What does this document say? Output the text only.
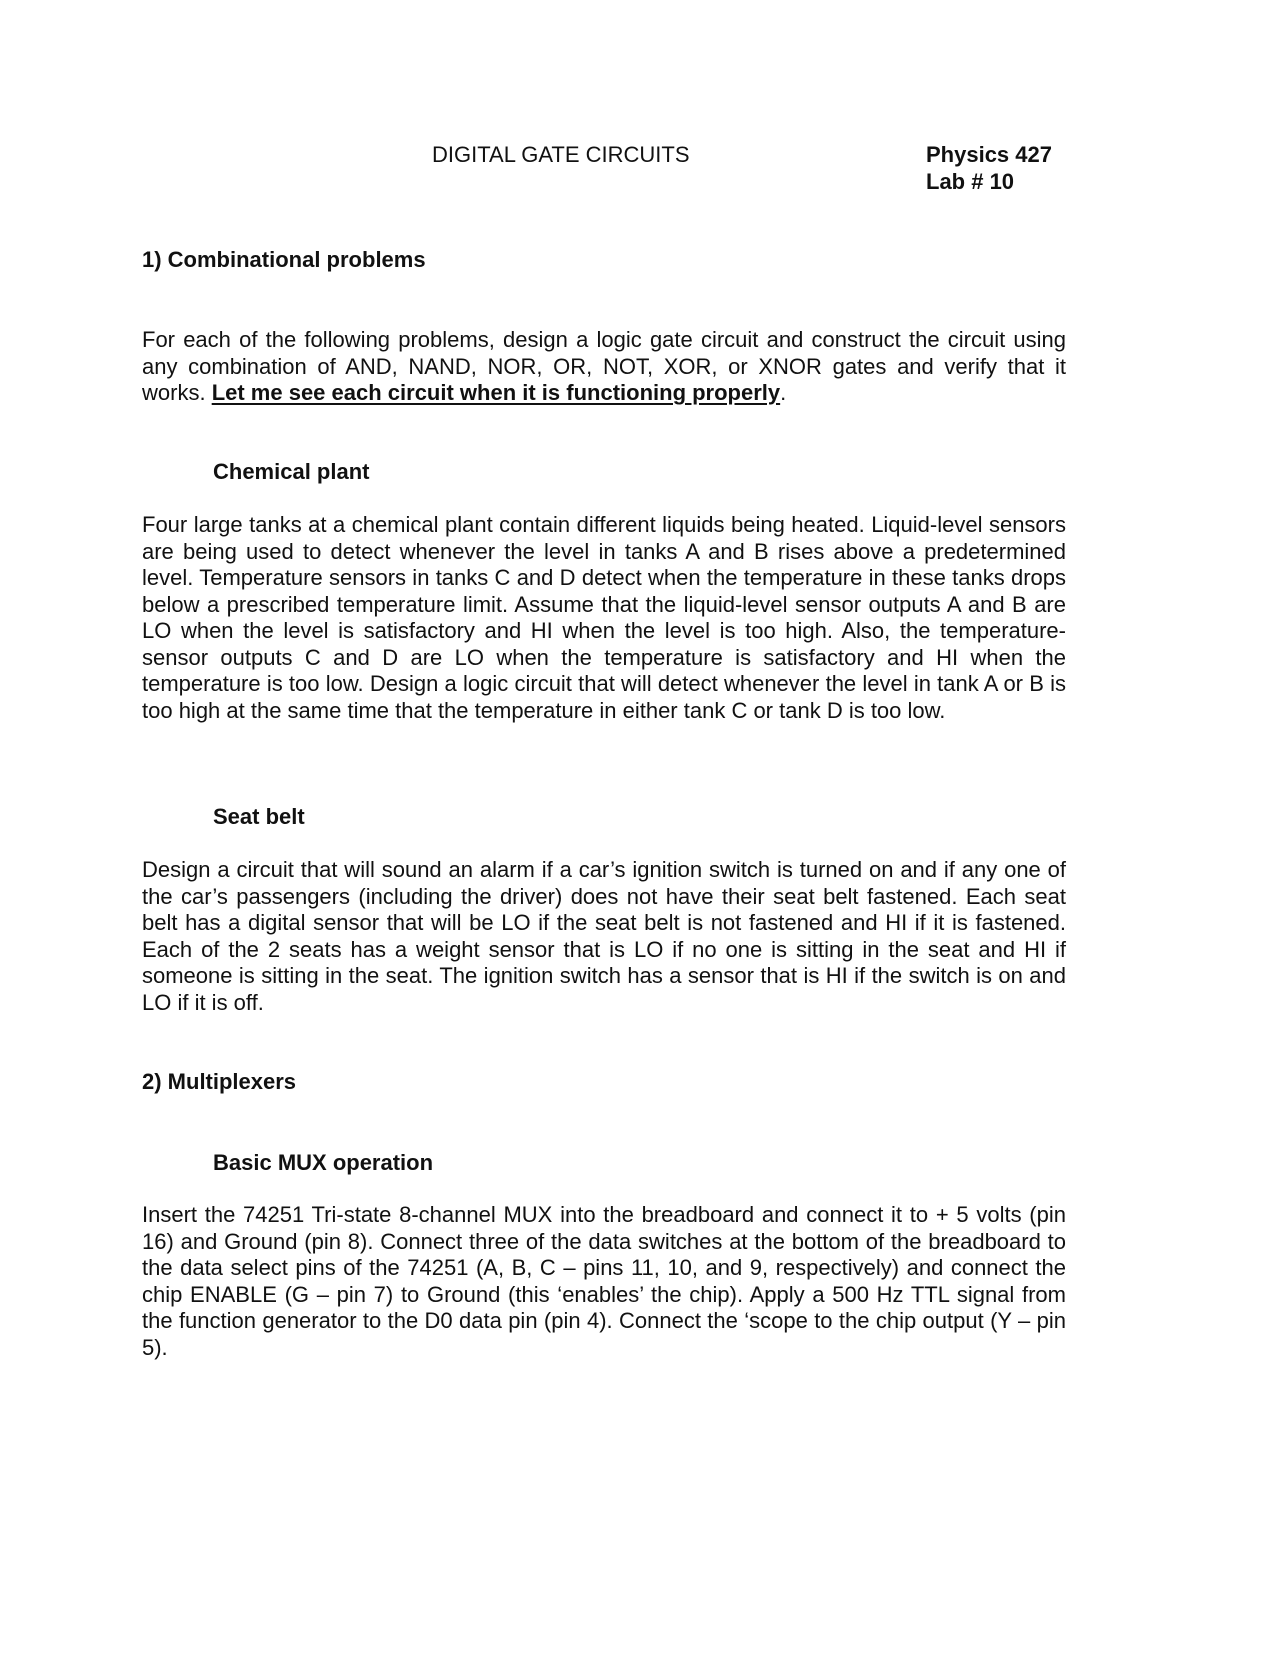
DIGITAL GATE CIRCUITS	Physics 427
Lab # 10
1) Combinational problems
For each of the following problems, design a logic gate circuit and construct the circuit using any combination of AND, NAND, NOR, OR, NOT, XOR, or XNOR gates and verify that it works. Let me see each circuit when it is functioning properly.
Chemical plant
Four large tanks at a chemical plant contain different liquids being heated. Liquid-level sensors are being used to detect whenever the level in tanks A and B rises above a predetermined level. Temperature sensors in tanks C and D detect when the temperature in these tanks drops below a prescribed temperature limit. Assume that the liquid-level sensor outputs A and B are LO when the level is satisfactory and HI when the level is too high. Also, the temperature-sensor outputs C and D are LO when the temperature is satisfactory and HI when the temperature is too low. Design a logic circuit that will detect whenever the level in tank A or B is too high at the same time that the temperature in either tank C or tank D is too low.
Seat belt
Design a circuit that will sound an alarm if a car’s ignition switch is turned on and if any one of the car’s passengers (including the driver) does not have their seat belt fastened. Each seat belt has a digital sensor that will be LO if the seat belt is not fastened and HI if it is fastened. Each of the 2 seats has a weight sensor that is LO if no one is sitting in the seat and HI if someone is sitting in the seat. The ignition switch has a sensor that is HI if the switch is on and LO if it is off.
2) Multiplexers
Basic MUX operation
Insert the 74251 Tri-state 8-channel MUX into the breadboard and connect it to + 5 volts (pin 16) and Ground (pin 8). Connect three of the data switches at the bottom of the breadboard to the data select pins of the 74251 (A, B, C – pins 11, 10, and 9, respectively) and connect the chip ENABLE (G – pin 7) to Ground (this ‘enables’ the chip). Apply a 500 Hz TTL signal from the function generator to the D0 data pin (pin 4). Connect the ‘scope to the chip output (Y – pin 5).
